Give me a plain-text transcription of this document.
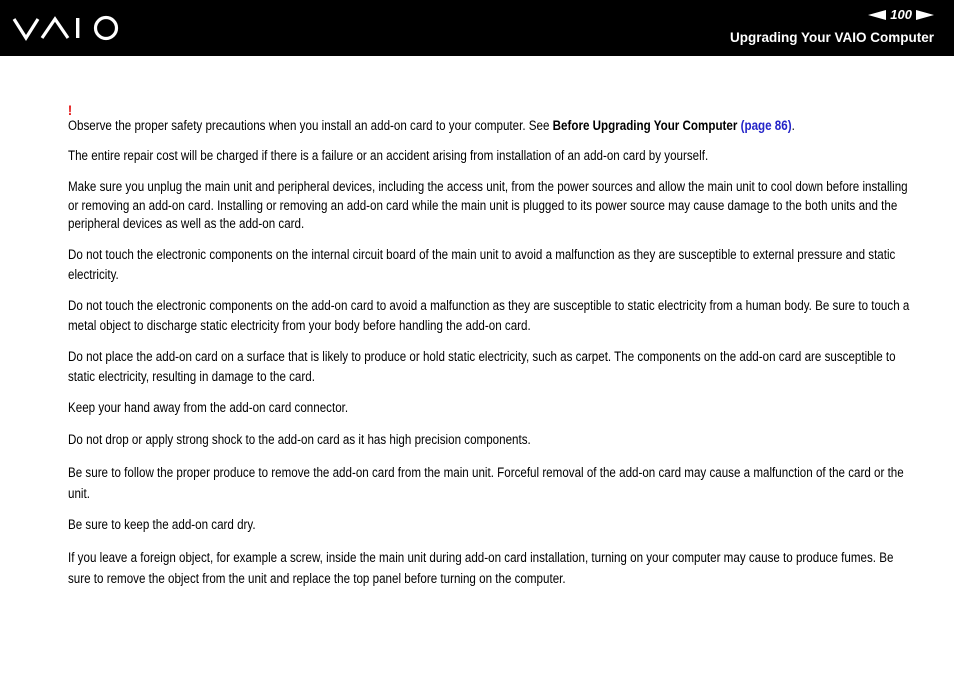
100
Upgrading Your VAIO Computer
!

Observe the proper safety precautions when you install an add-on card to your computer. See Before Upgrading Your Computer (page 86).

The entire repair cost will be charged if there is a failure or an accident arising from installation of an add-on card by yourself.

Make sure you unplug the main unit and peripheral devices, including the access unit, from the power sources and allow the main unit to cool down before installing or removing an add-on card. Installing or removing an add-on card while the main unit is plugged to its power source may cause damage to the both units and the peripheral devices as well as the add-on card.

Do not touch the electronic components on the internal circuit board of the main unit to avoid a malfunction as they are susceptible to external pressure and static electricity.

Do not touch the electronic components on the add-on card to avoid a malfunction as they are susceptible to static electricity from a human body. Be sure to touch a metal object to discharge static electricity from your body before handling the add-on card.

Do not place the add-on card on a surface that is likely to produce or hold static electricity, such as carpet. The components on the add-on card are susceptible to static electricity, resulting in damage to the card.

Keep your hand away from the add-on card connector.

Do not drop or apply strong shock to the add-on card as it has high precision components.

Be sure to follow the proper produce to remove the add-on card from the main unit. Forceful removal of the add-on card may cause a malfunction of the card or the unit.

Be sure to keep the add-on card dry.

If you leave a foreign object, for example a screw, inside the main unit during add-on card installation, turning on your computer may cause to produce fumes. Be sure to remove the object from the unit and replace the top panel before turning on the computer.
